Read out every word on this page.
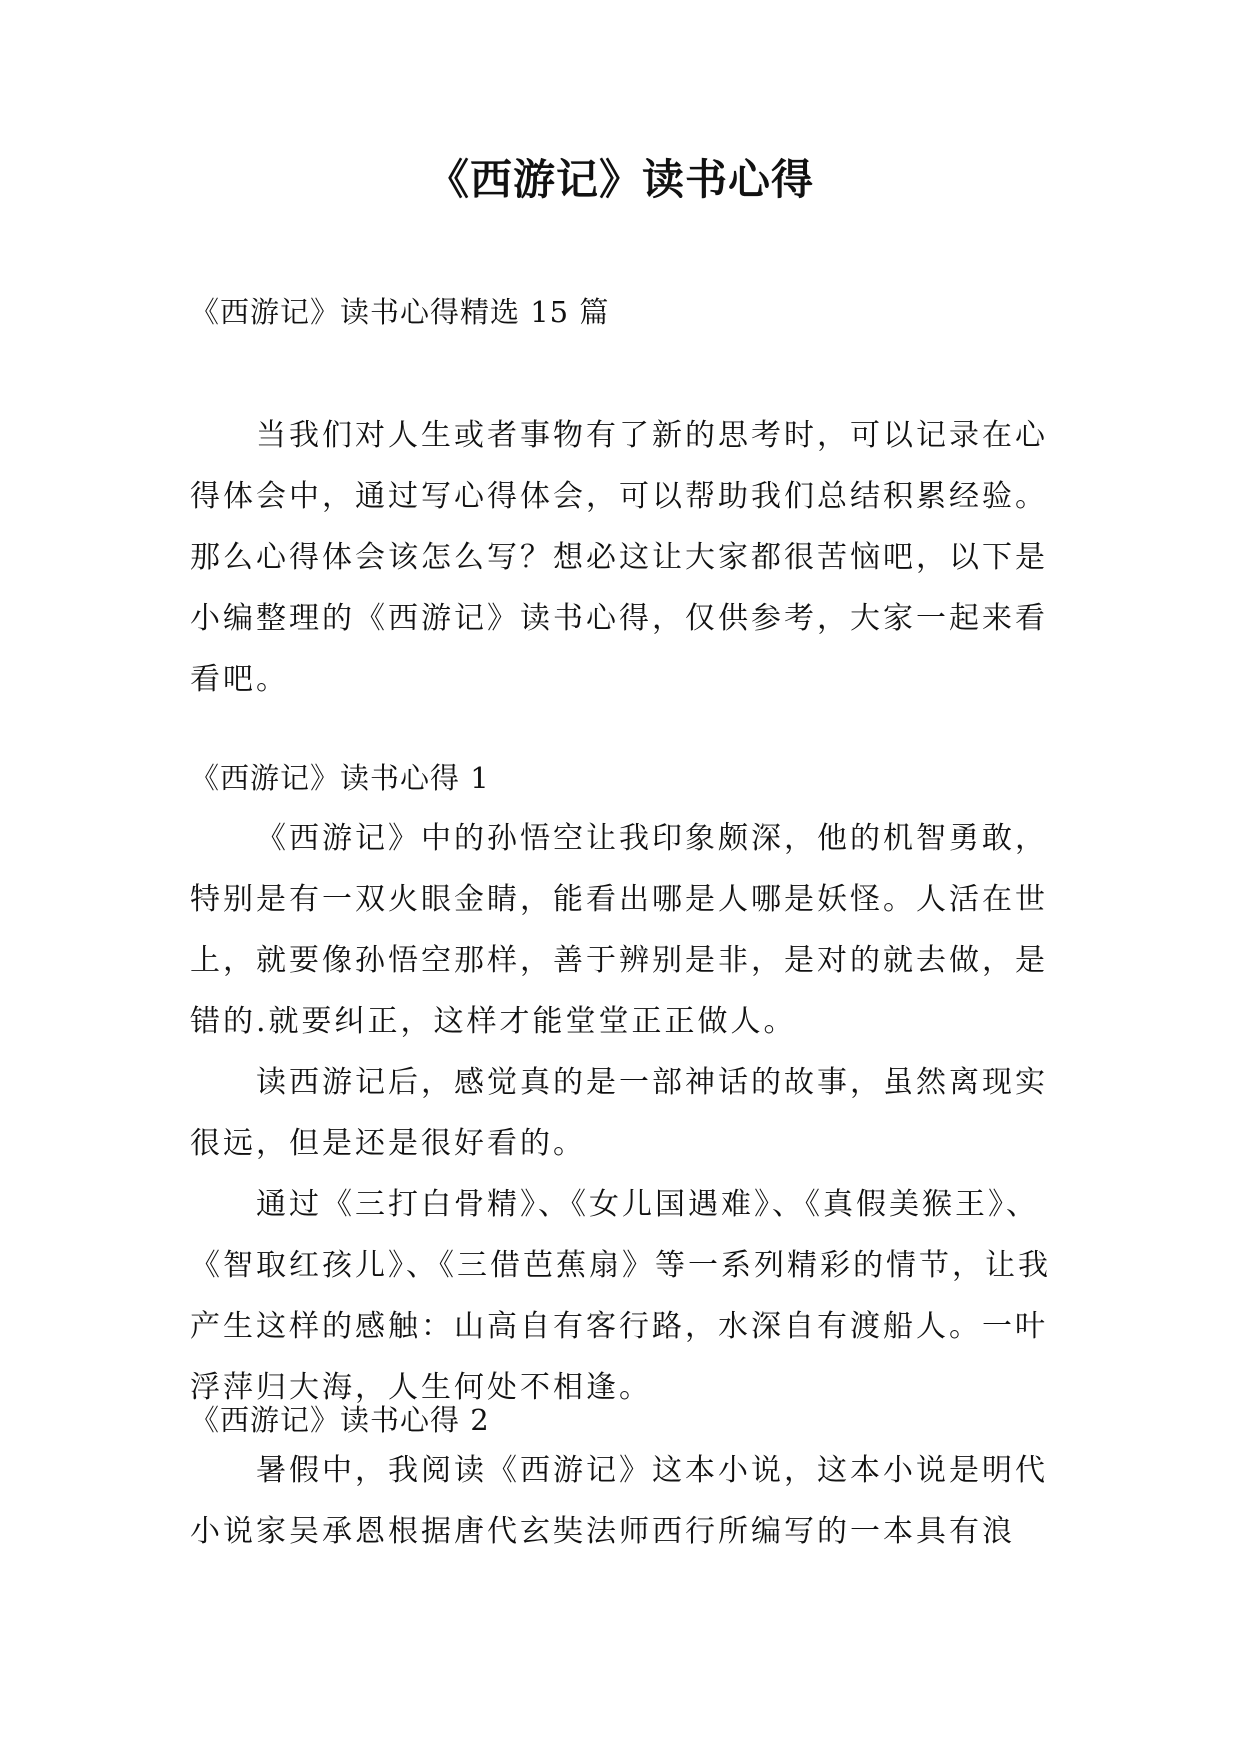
《西游记》读书心得
《西游记》读书心得精选 15 篇

当我们对人生或者事物有了新的思考时，可以记录在心得体会中，通过写心得体会，可以帮助我们总结积累经验。那么心得体会该怎么写？想必这让大家都很苦恼吧，以下是小编整理的《西游记》读书心得，仅供参考，大家一起来看看吧。

《西游记》读书心得 1

《西游记》中的孙悟空让我印象颇深，他的机智勇敢，特别是有一双火眼金睛，能看出哪是人哪是妖怪。人活在世上，就要像孙悟空那样，善于辨别是非，是对的就去做，是错的.就要纠正，这样才能堂堂正正做人。

读西游记后，感觉真的是一部神话的故事，虽然离现实很远，但是还是很好看的。

通过《三打白骨精》、《女儿国遇难》、《真假美猴王》、《智取红孩儿》、《三借芭蕉扇》等一系列精彩的情节，让我产生这样的感触：山高自有客行路，水深自有渡船人。一叶浮萍归大海，人生何处不相逢。

《西游记》读书心得 2

暑假中，我阅读《西游记》这本小说，这本小说是明代小说家吴承恩根据唐代玄奘法师西行所编写的一本具有浪
